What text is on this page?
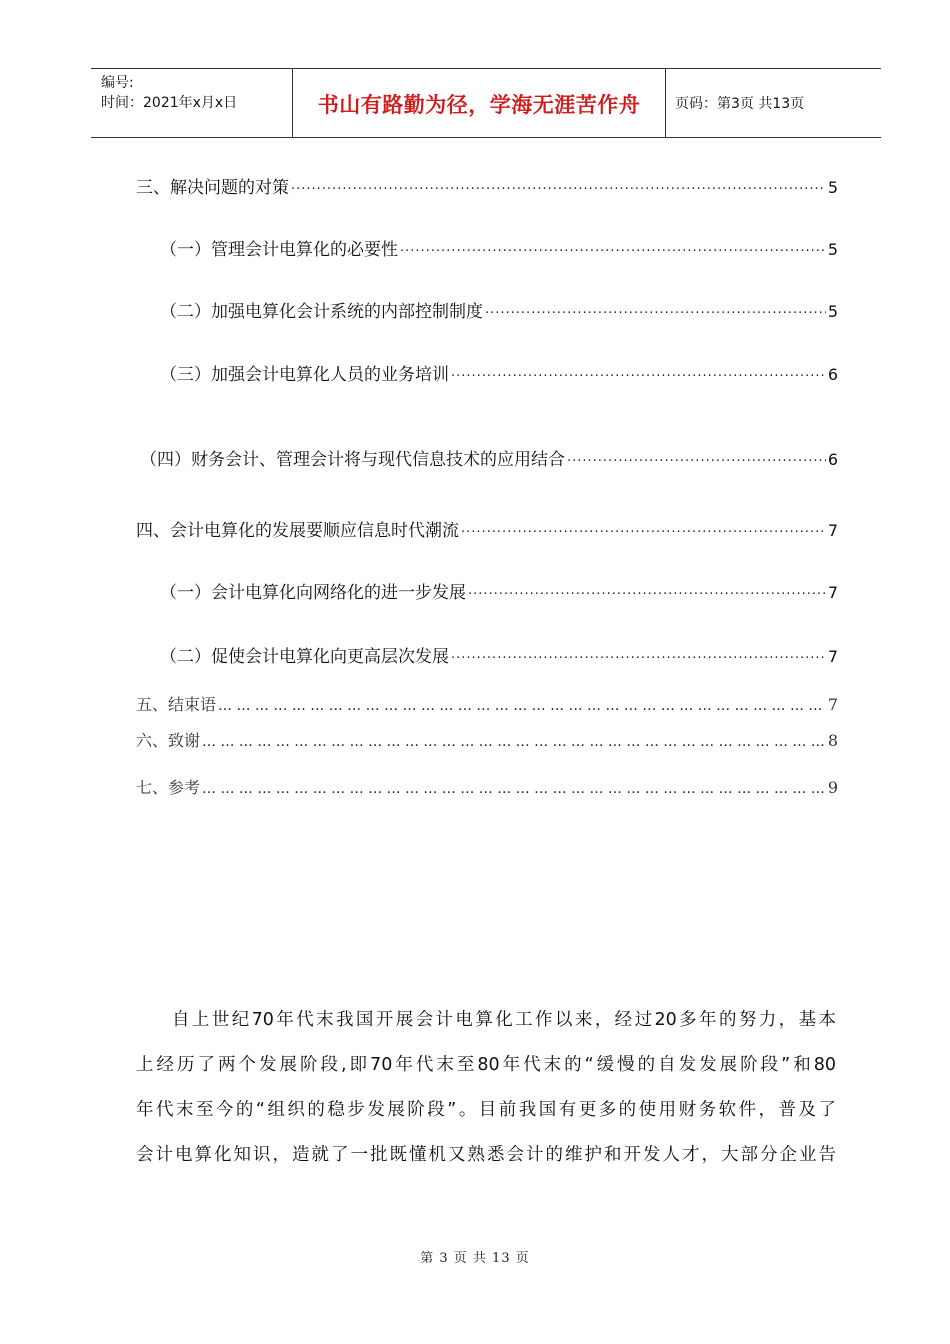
编号:
时间：2021年x月x日	书山有路勤为径，学海无涯苦作舟	页码：第3页 共13页
三、解决问题的对策 ·····	5
（一）管理会计电算化的必要性 ·····	5
（二）加强电算化会计系统的内部控制制度 ·····	5
（三）加强会计电算化人员的业务培训 ·····	6
（四）财务会计、管理会计将与现代信息技术的应用结合 ·····	6
四、会计电算化的发展要顺应信息时代潮流 ·····	7
（一）会计电算化向网络化的进一步发展 ·····	7
（二）促使会计电算化向更高层次发展 ·····	7
五、结束语 … … … … … … … … … … … … … … … … … … … … … … … … … … … … … … … … … … … … … … … … … … … … … … … … … … … … … … … … … … … … …	7
六、致谢 … … … … … … … … … … … … … … … … … … … … … … … … … … … … … … … … … … … … … … … … … … … … … … … … … … … … … … … … … … … … …	8
七、参考 … … … … … … … … … … … … … … … … … … … … … … … … … … … … … … … … … … … … … … … … … … … … … … … … … … … … … … … … … … … … …	9
自上世纪70年代末我国开展会计电算化工作以来，经过20多年的努力，基本
上经历了两个发展阶段,即70年代末至80年代末的“缓慢的自发发展阶段”和80
年代末至今的“组织的稳步发展阶段”。目前我国有更多的使用财务软件，普及了
会计电算化知识，造就了一批既懂机又熟悉会计的维护和开发人才，大部分企业告
第 3 页 共 13 页
